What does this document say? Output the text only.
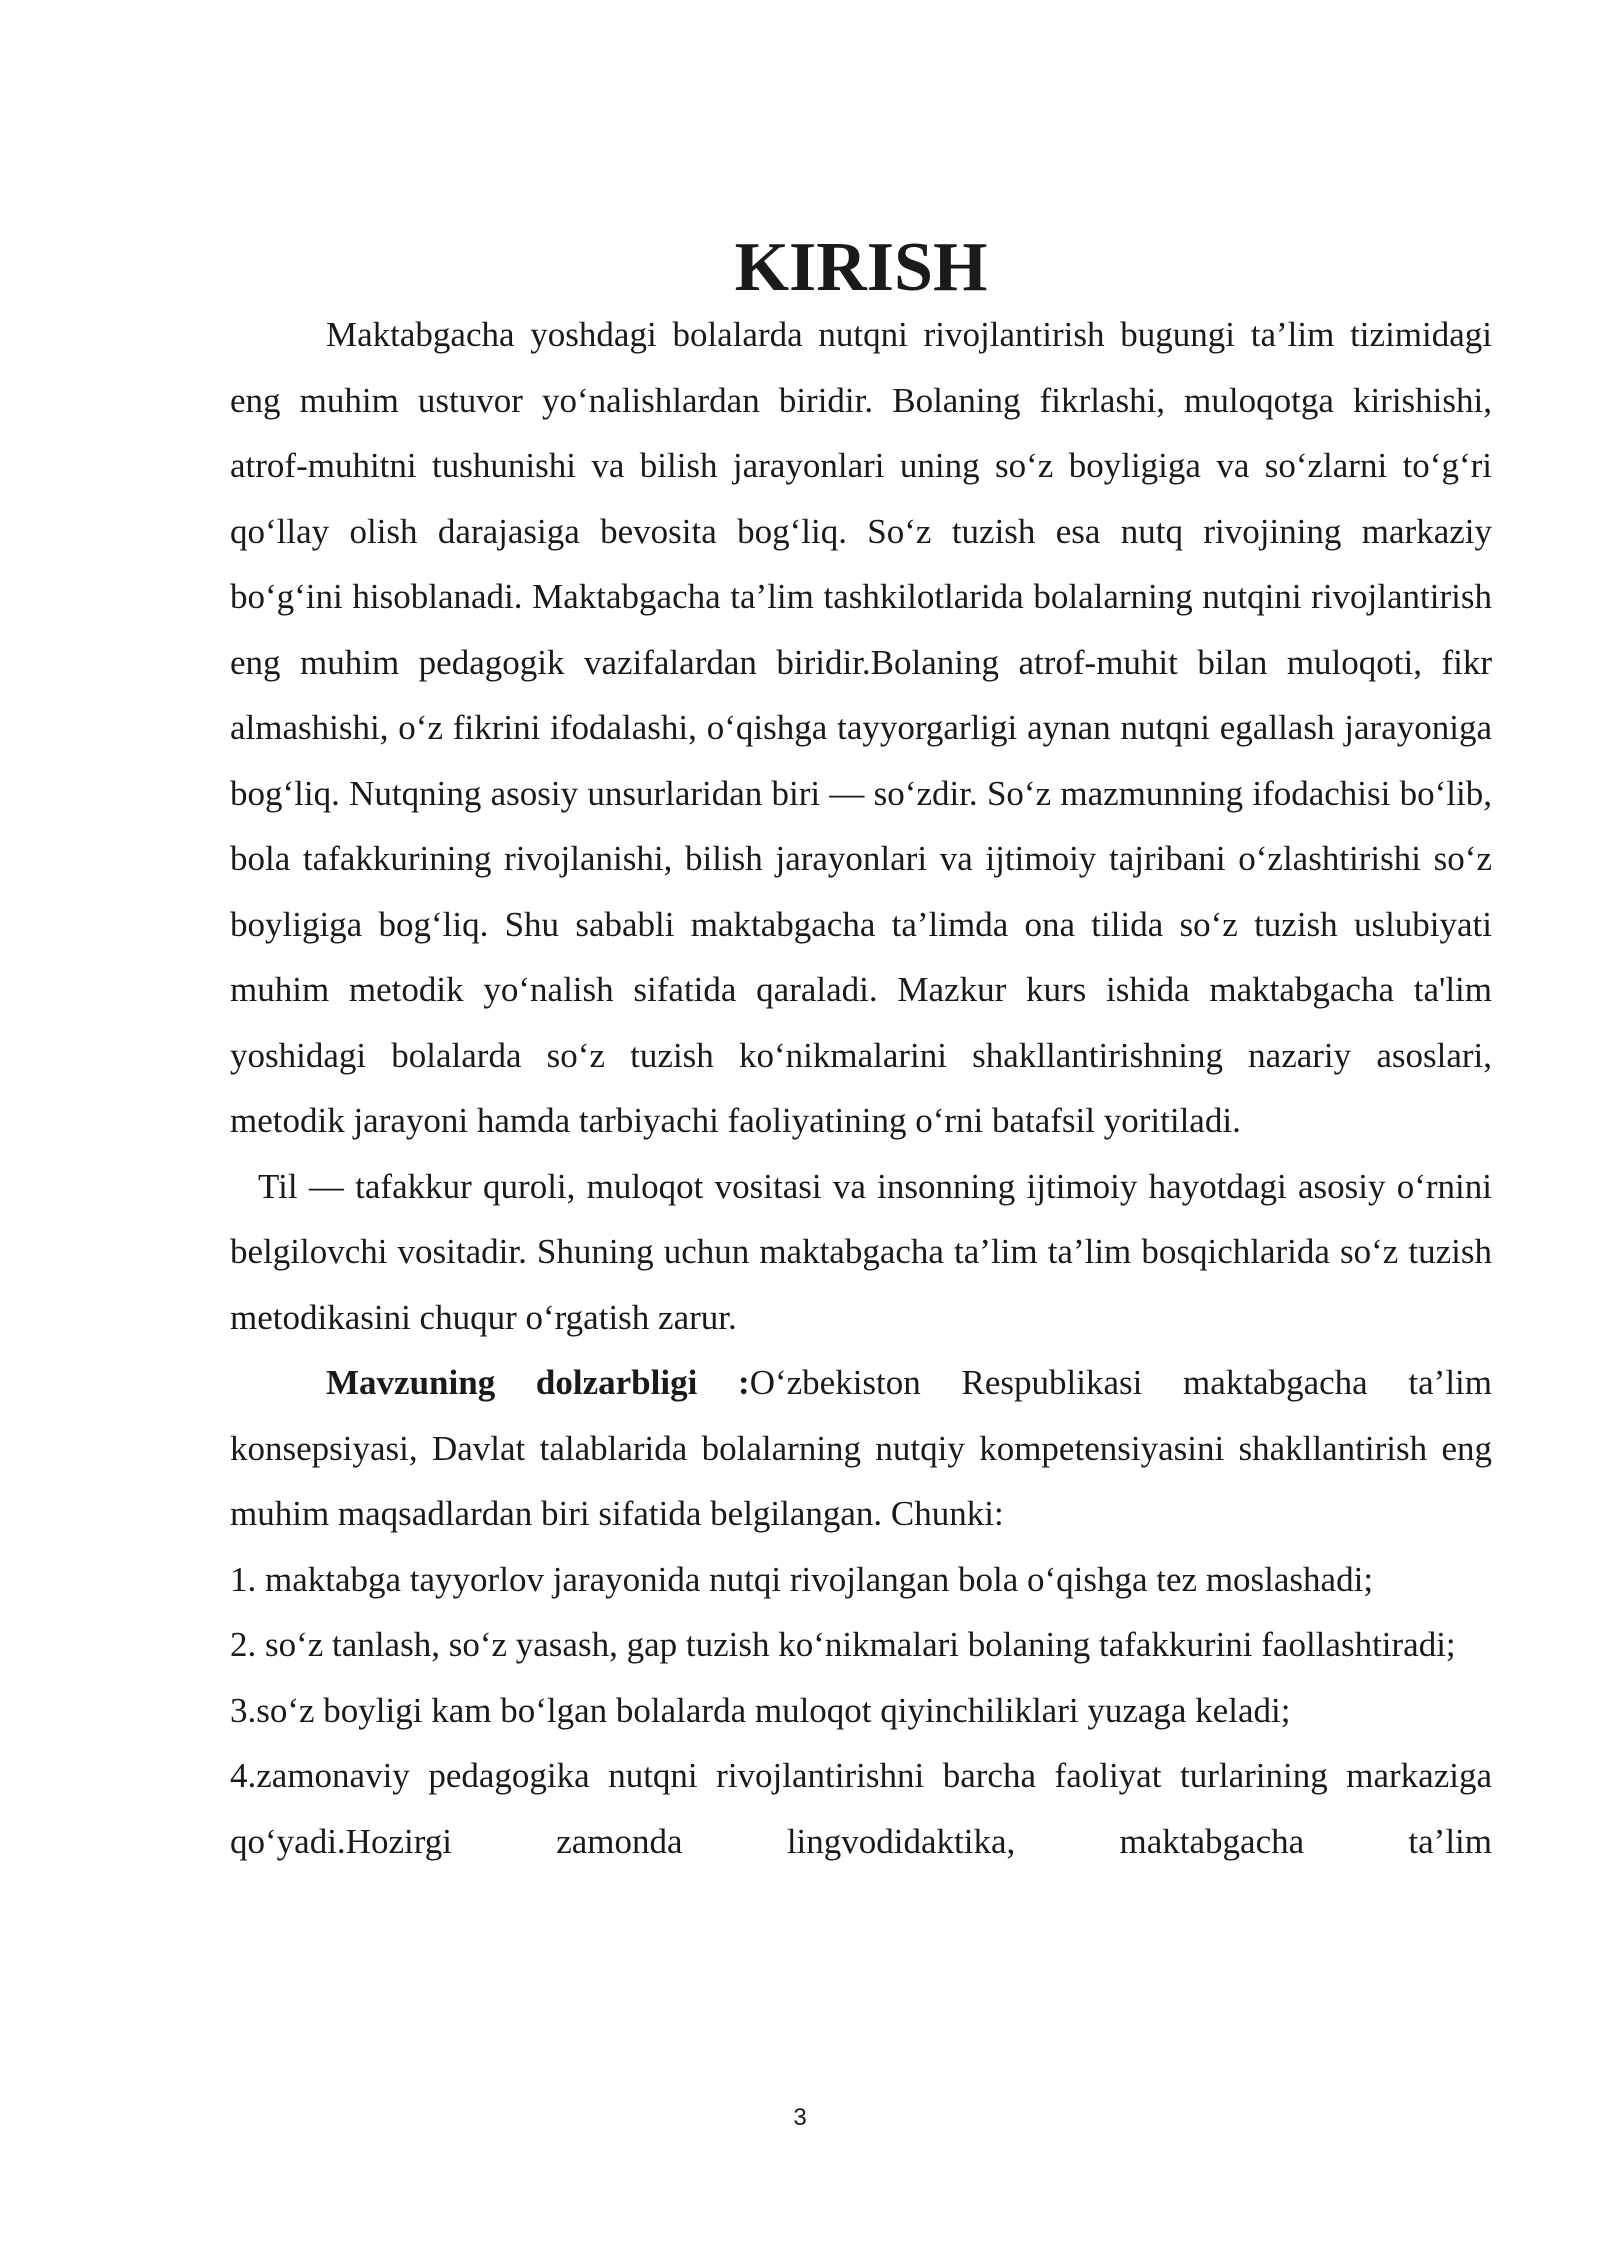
KIRISH

Maktabgacha yoshdagi bolalarda nutqni rivojlantirish bugungi ta’lim tizimidagi eng muhim ustuvor yo‘nalishlardan biridir. Bolaning fikrlashi, muloqotga kirishishi, atrof-muhitni tushunishi va bilish jarayonlari uning so‘z boyligiga va so‘zlarni to‘g‘ri qo‘llay olish darajasiga bevosita bog‘liq. So‘z tuzish esa nutq rivojining markaziy bo‘g‘ini hisoblanadi. Maktabgacha ta’lim tashkilotlarida bolalarning nutqini rivojlantirish eng muhim pedagogik vazifalardan biridir.Bolaning atrof-muhit bilan muloqoti, fikr almashishi, o‘z fikrini ifodalashi, o‘qishga tayyorgarligi aynan nutqni egallash jarayoniga bog‘liq. Nutqning asosiy unsurlaridan biri — so‘zdir. So‘z mazmunning ifodachisi bo‘lib, bola tafakkurining rivojlanishi, bilish jarayonlari va ijtimoiy tajribani o‘zlashtirishi so‘z boyligiga bog‘liq. Shu sababli maktabgacha ta’limda ona tilida so‘z tuzish uslubiyati muhim metodik yo‘nalish sifatida qaraladi. Mazkur kurs ishida maktabgacha ta'lim yoshidagi bolalarda so‘z tuzish ko‘nikmalarini shakllantirishning nazariy asoslari, metodik jarayoni hamda tarbiyachi faoliyatining o‘rni batafsil yoritiladi.

Til — tafakkur quroli, muloqot vositasi va insonning ijtimoiy hayotdagi asosiy o‘rnini belgilovchi vositadir. Shuning uchun maktabgacha ta’lim ta’lim bosqichlarida so‘z tuzish metodikasini chuqur o‘rgatish zarur.

Mavzuning dolzarbligi :O‘zbekiston Respublikasi maktabgacha ta’lim konsepsiyasi, Davlat talablarida bolalarning nutqiy kompetensiyasini shakllantirish eng muhim maqsadlardan biri sifatida belgilangan. Chunki:

1. maktabga tayyorlov jarayonida nutqi rivojlangan bola o‘qishga tez moslashadi;

2. so‘z tanlash, so‘z yasash, gap tuzish ko‘nikmalari bolaning tafakkurini faollashtiradi;

3.so‘z boyligi kam bo‘lgan bolalarda muloqot qiyinchiliklari yuzaga keladi;

4.zamonaviy pedagogika nutqni rivojlantirishni barcha faoliyat turlarining markaziga qo‘yadi.Hozirgi zamonda lingvodidaktika, maktabgacha ta’lim

3
